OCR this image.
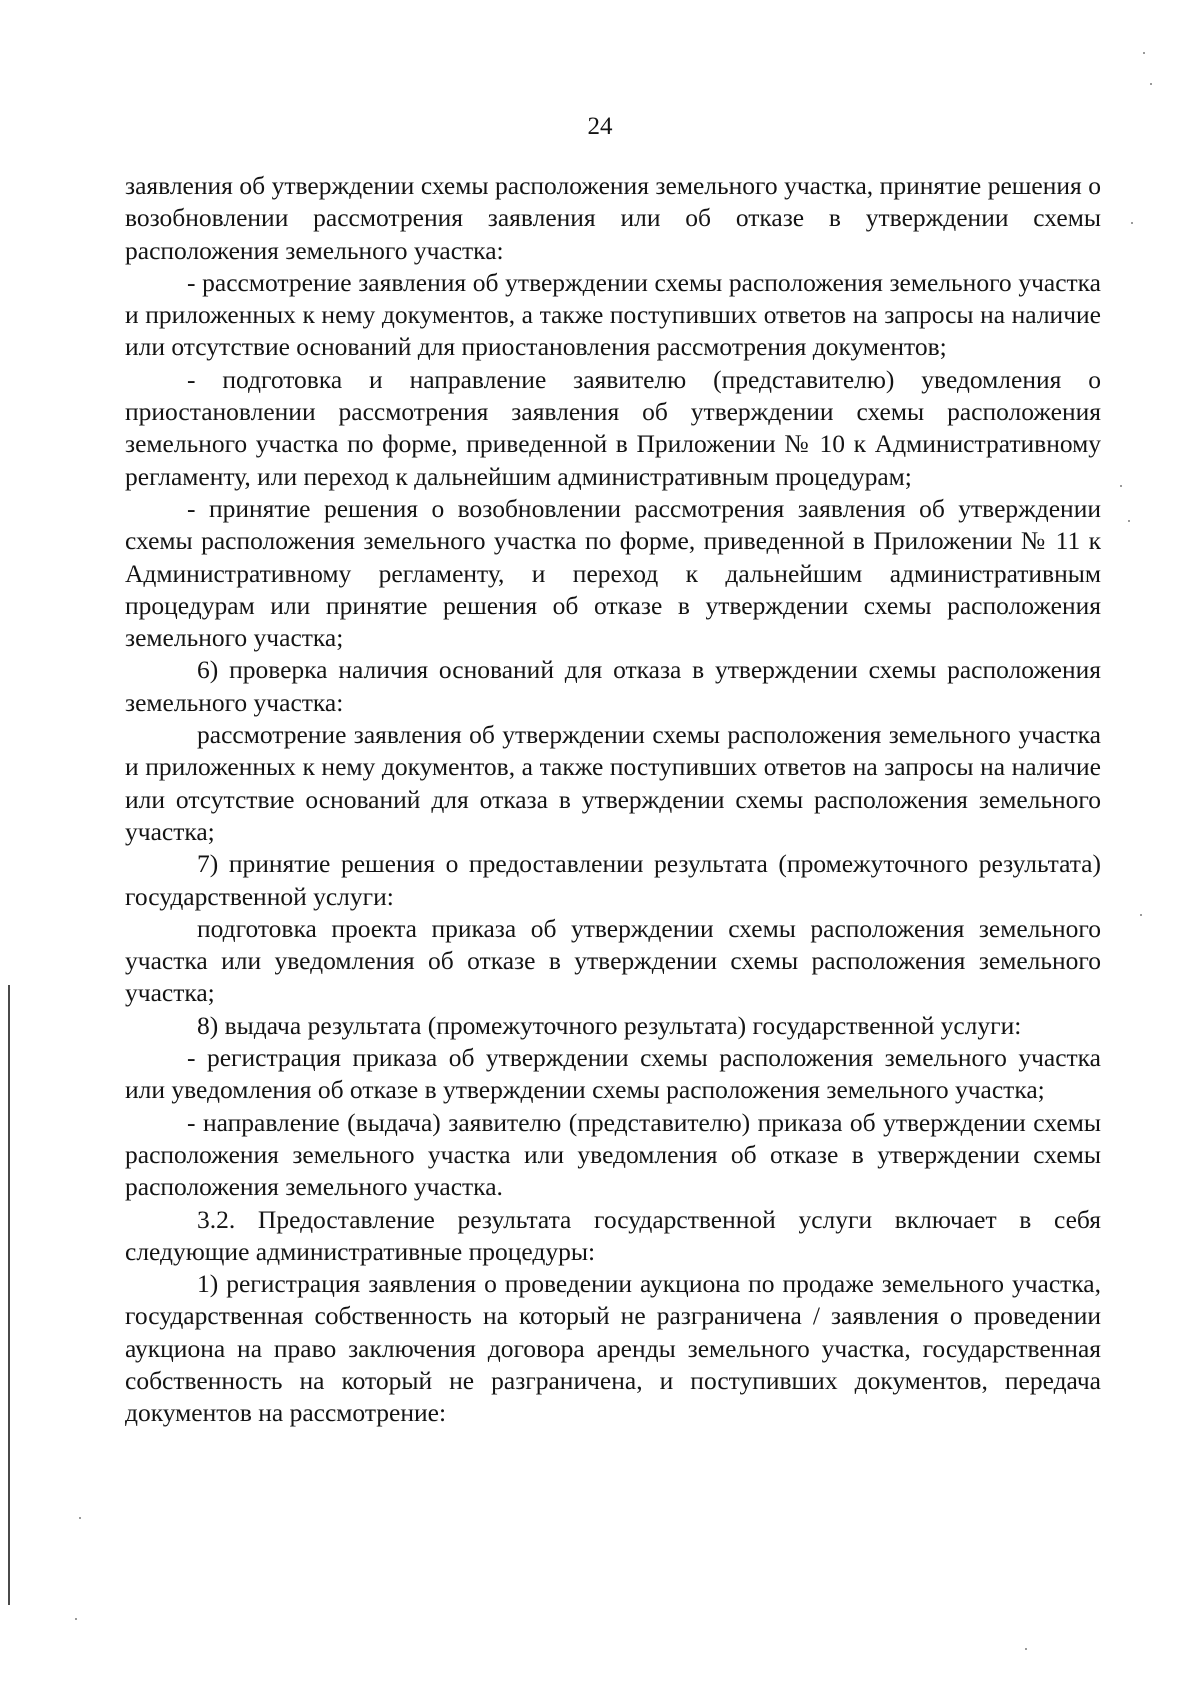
24

заявления об утверждении схемы расположения земельного участка, принятие решения о возобновлении рассмотрения заявления или об отказе в утверждении схемы расположения земельного участка:

- рассмотрение заявления об утверждении схемы расположения земельного участка и приложенных к нему документов, а также поступивших ответов на запросы на наличие или отсутствие оснований для приостановления рассмотрения документов;

- подготовка и направление заявителю (представителю) уведомления о приостановлении рассмотрения заявления об утверждении схемы расположения земельного участка по форме, приведенной в Приложении № 10 к Административному регламенту, или переход к дальнейшим административным процедурам;

- принятие решения о возобновлении рассмотрения заявления об утверждении схемы расположения земельного участка по форме, приведенной в Приложении № 11 к Административному регламенту, и переход к дальнейшим административным процедурам или принятие решения об отказе в утверждении схемы расположения земельного участка;

6) проверка наличия оснований для отказа в утверждении схемы расположения земельного участка:

рассмотрение заявления об утверждении схемы расположения земельного участка и приложенных к нему документов, а также поступивших ответов на запросы на наличие или отсутствие оснований для отказа в утверждении схемы расположения земельного участка;

7) принятие решения о предоставлении результата (промежуточного результата) государственной услуги:

подготовка проекта приказа об утверждении схемы расположения земельного участка или уведомления об отказе в утверждении схемы расположения земельного участка;

8) выдача результата (промежуточного результата) государственной услуги:

- регистрация приказа об утверждении схемы расположения земельного участка или уведомления об отказе в утверждении схемы расположения земельного участка;

- направление (выдача) заявителю (представителю) приказа об утверждении схемы расположения земельного участка или уведомления об отказе в утверждении схемы расположения земельного участка.

3.2. Предоставление результата государственной услуги включает в себя следующие административные процедуры:

1) регистрация заявления о проведении аукциона по продаже земельного участка, государственная собственность на который не разграничена / заявления о проведении аукциона на право заключения договора аренды земельного участка, государственная собственность на который не разграничена, и поступивших документов, передача документов на рассмотрение:
